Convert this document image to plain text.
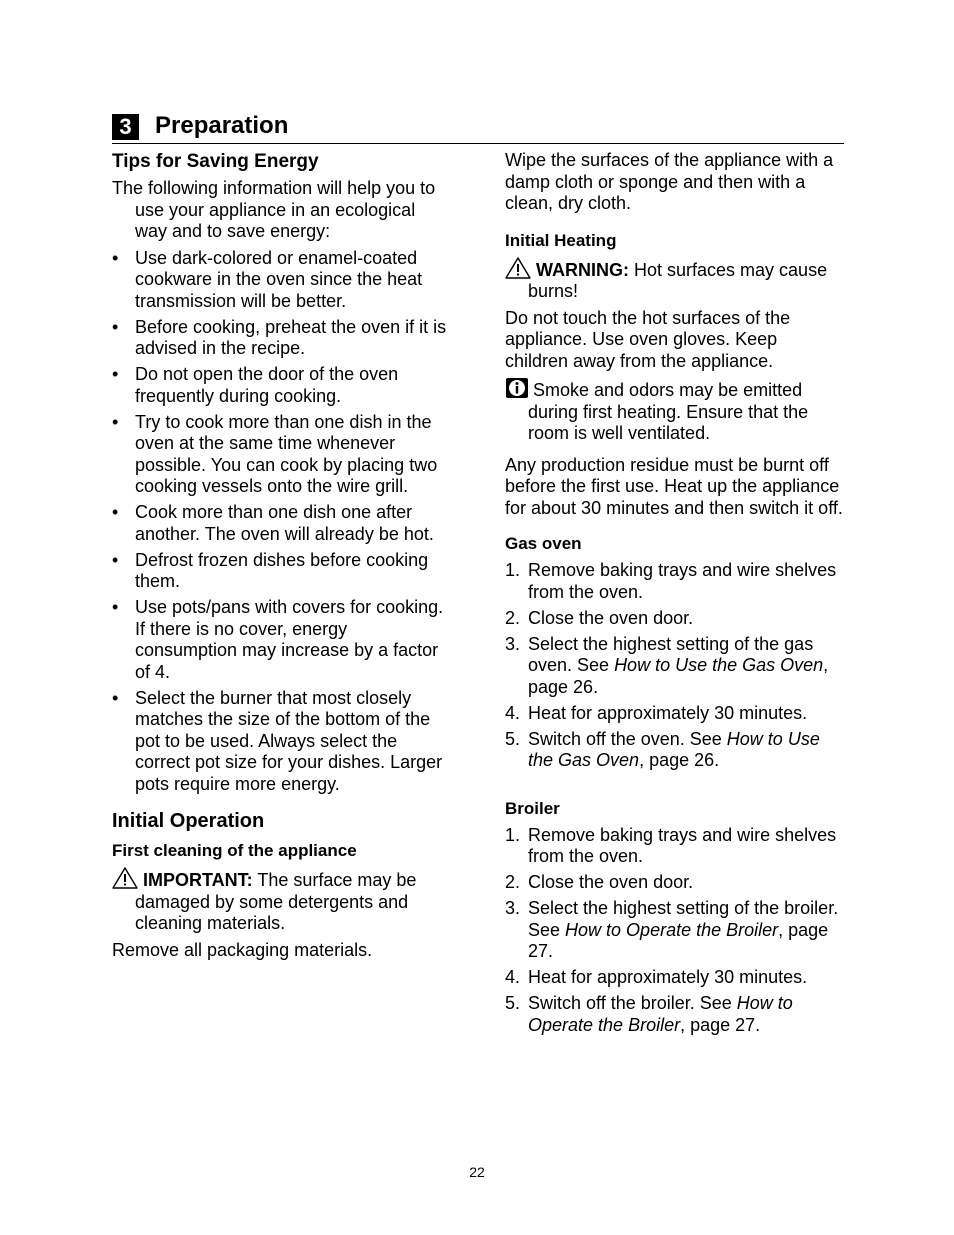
3 Preparation
Tips for Saving Energy

The following information will help you to use your appliance in an ecological way and to save energy:

• Use dark-colored or enamel-coated cookware in the oven since the heat transmission will be better.
• Before cooking, preheat the oven if it is advised in the recipe.
• Do not open the door of the oven frequently during cooking.
• Try to cook more than one dish in the oven at the same time whenever possible. You can cook by placing two cooking vessels onto the wire grill.
• Cook more than one dish one after another. The oven will already be hot.
• Defrost frozen dishes before cooking them.
• Use pots/pans with covers for cooking. If there is no cover, energy consumption may increase by a factor of 4.
• Select the burner that most closely matches the size of the bottom of the pot to be used. Always select the correct pot size for your dishes. Larger pots require more energy.
Initial Operation
First cleaning of the appliance

IMPORTANT: The surface may be damaged by some detergents and cleaning materials.

Remove all packaging materials.

Wipe the surfaces of the appliance with a damp cloth or sponge and then with a clean, dry cloth.

Initial Heating

WARNING: Hot surfaces may cause burns!

Do not touch the hot surfaces of the appliance. Use oven gloves. Keep children away from the appliance.

Smoke and odors may be emitted during first heating. Ensure that the room is well ventilated.

Any production residue must be burnt off before the first use. Heat up the appliance for about 30 minutes and then switch it off.

Gas oven
1. Remove baking trays and wire shelves from the oven.
2. Close the oven door.
3. Select the highest setting of the gas oven. See How to Use the Gas Oven, page 26.
4. Heat for approximately 30 minutes.
5. Switch off the oven. See How to Use the Gas Oven, page 26.
Broiler
1. Remove baking trays and wire shelves from the oven.
2. Close the oven door.
3. Select the highest setting of the broiler. See How to Operate the Broiler, page 27.
4. Heat for approximately 30 minutes.
5. Switch off the broiler. See How to Operate the Broiler, page 27.
22
